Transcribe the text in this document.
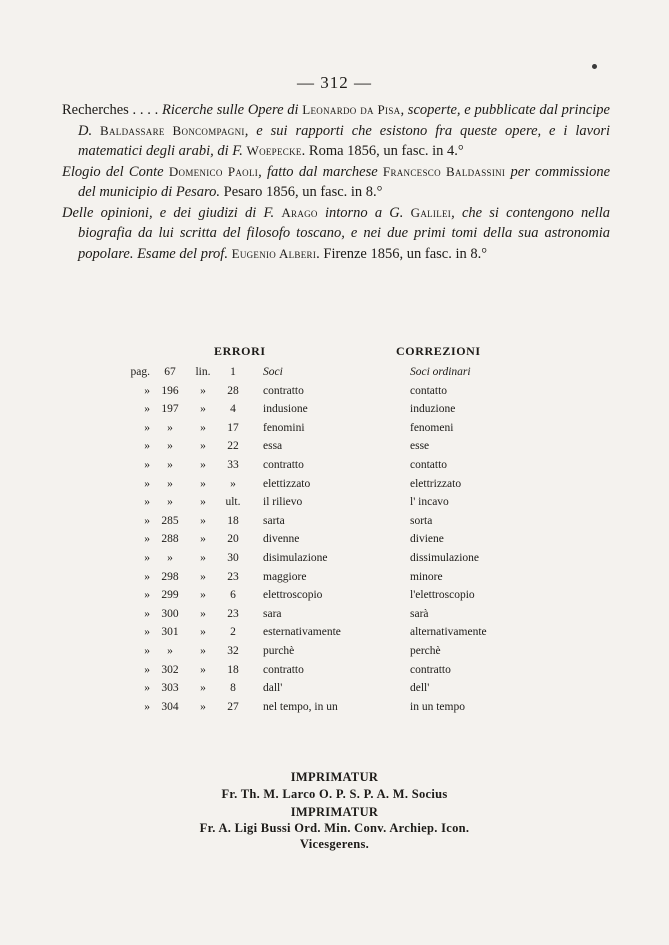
— 312 —

Recherches . . . . Ricerche sulle Opere di Leonardo da Pisa, scoperte, e pubblicate dal principe D. Baldassare Boncompagni, e sui rapporti che esistono fra queste opere, e i lavori matematici degli arabi, di F. Woepecke. Roma 1856, un fasc. in 4.°

Elogio del Conte Domenico Paoli, fatto dal marchese Francesco Baldassini per commissione del municipio di Pesaro. Pesaro 1856, un fasc. in 8.°

Delle opinioni, e dei giudizi di F. Arago intorno a G. Galilei, che si contengono nella biografia da lui scritta del filosofo toscano, e nei due primi tomi della sua astronomia popolare. Esame del prof. Eugenio Alberi. Firenze 1856, un fasc. in 8.°

ERRORI	CORREZIONI
pag.	67	lin.	1	Soci	Soci ordinari
» 196	»	28	contratto	contatto
» 197	»	4	indusione	induzione
»	»	»	17	fenomini	fenomeni
»	»	»	22	essa	esse
»	»	»	33	contratto	contatto
»	»	»	»	elettizzato	elettrizzato
»	»	»	ult.	il rilievo	l' incavo
» 285	»	18	sarta	sorta
» 288	»	20	divenne	diviene
»	»	»	30	disimulazione	dissimulazione
» 298	»	23	maggiore	minore
» 299	»	6	elettroscopio	l'elettroscopio
» 300	»	23	sara	sarà
» 301	»	2	esternativamente	alternativamente
»	»	»	32	purchè	perchè
» 302	»	18	contratto	contratto
» 303	»	8	dall'	dell'
» 304	»	27	nel tempo, in un	in un tempo
IMPRIMATUR
Fr. Th. M. Larco O. P. S. P. A. M. Socius
IMPRIMATUR
Fr. A. Ligi Bussi Ord. Min. Conv. Archiep. Icon.
Vicesgerens.
